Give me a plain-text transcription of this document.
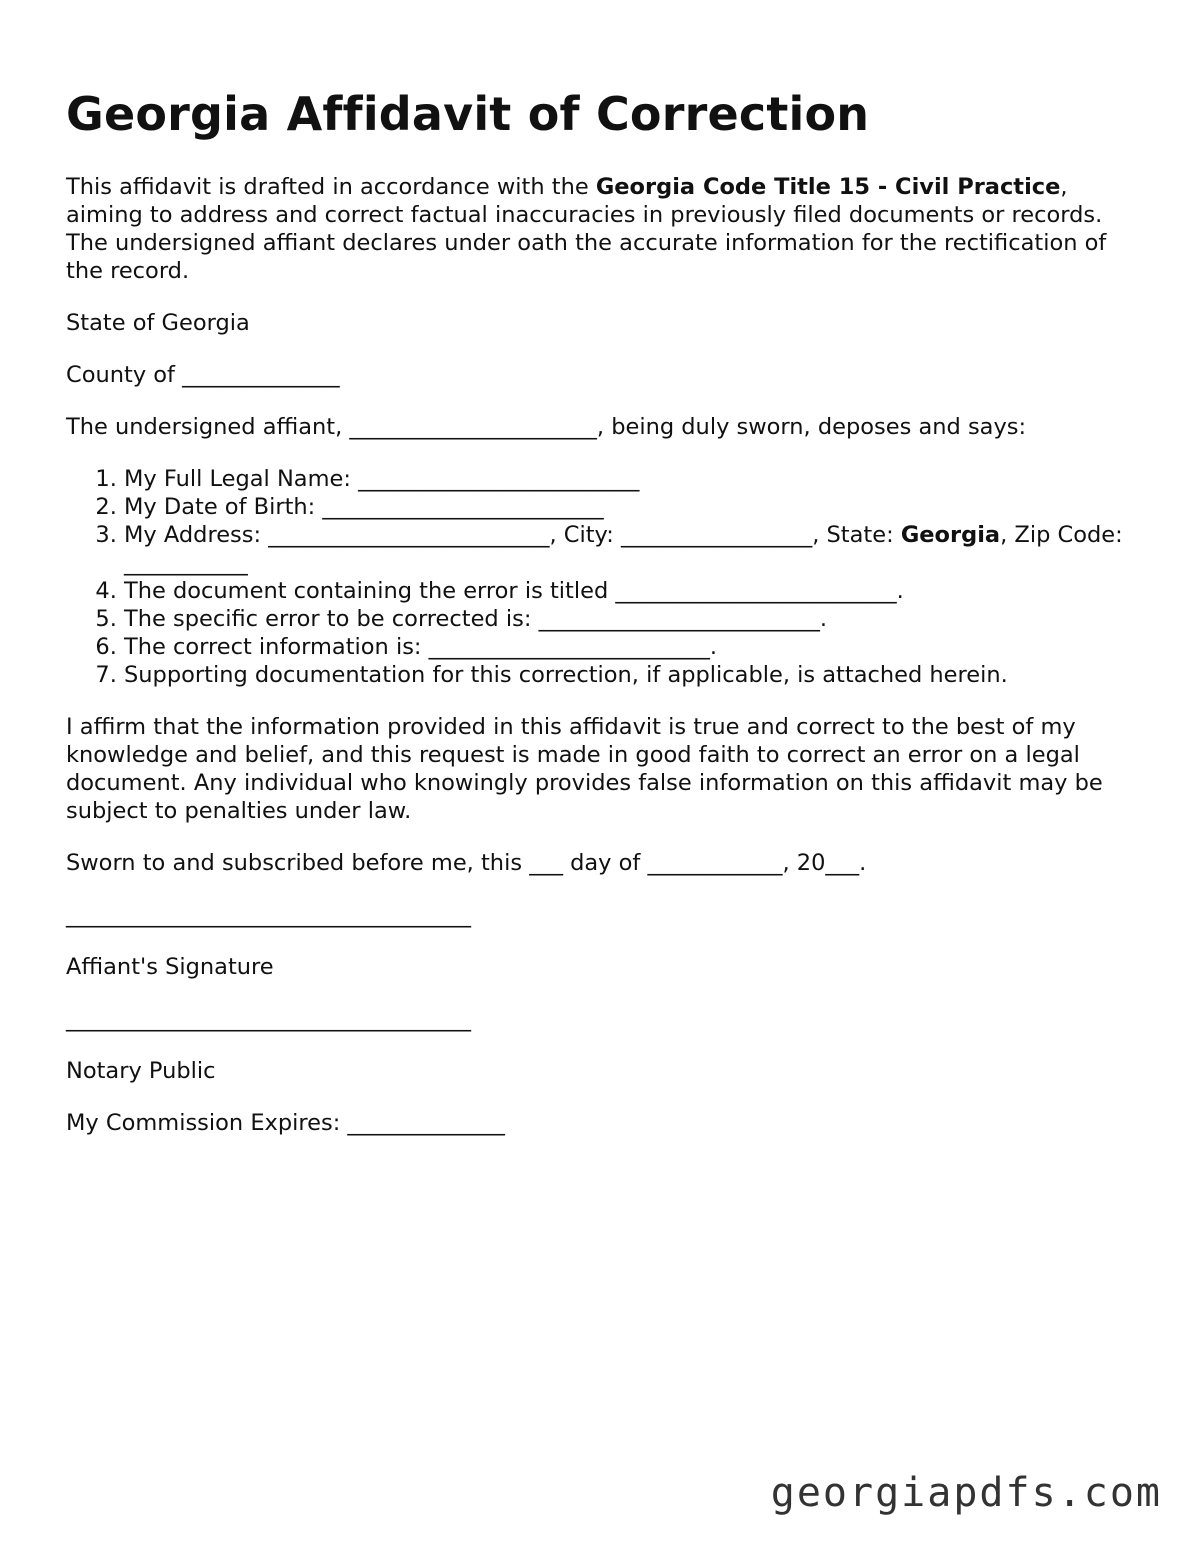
Georgia Affidavit of Correction

This affidavit is drafted in accordance with the Georgia Code Title 15 - Civil Practice, aiming to address and correct factual inaccuracies in previously filed documents or records. The undersigned affiant declares under oath the accurate information for the rectification of the record.

State of Georgia

County of ______________

The undersigned affiant, ______________________, being duly sworn, deposes and says:

1. My Full Legal Name: _________________________
2. My Date of Birth: _________________________
3. My Address: _________________________, City: _________________, State: Georgia, Zip Code: ___________
4. The document containing the error is titled _________________________.
5. The specific error to be corrected is: _________________________.
6. The correct information is: _________________________.
7. Supporting documentation for this correction, if applicable, is attached herein.

I affirm that the information provided in this affidavit is true and correct to the best of my knowledge and belief, and this request is made in good faith to correct an error on a legal document. Any individual who knowingly provides false information on this affidavit may be subject to penalties under law.

Sworn to and subscribed before me, this ___ day of ____________, 20___.

____________________________________

Affiant's Signature

____________________________________

Notary Public

My Commission Expires: ______________

georgiapdfs.com
